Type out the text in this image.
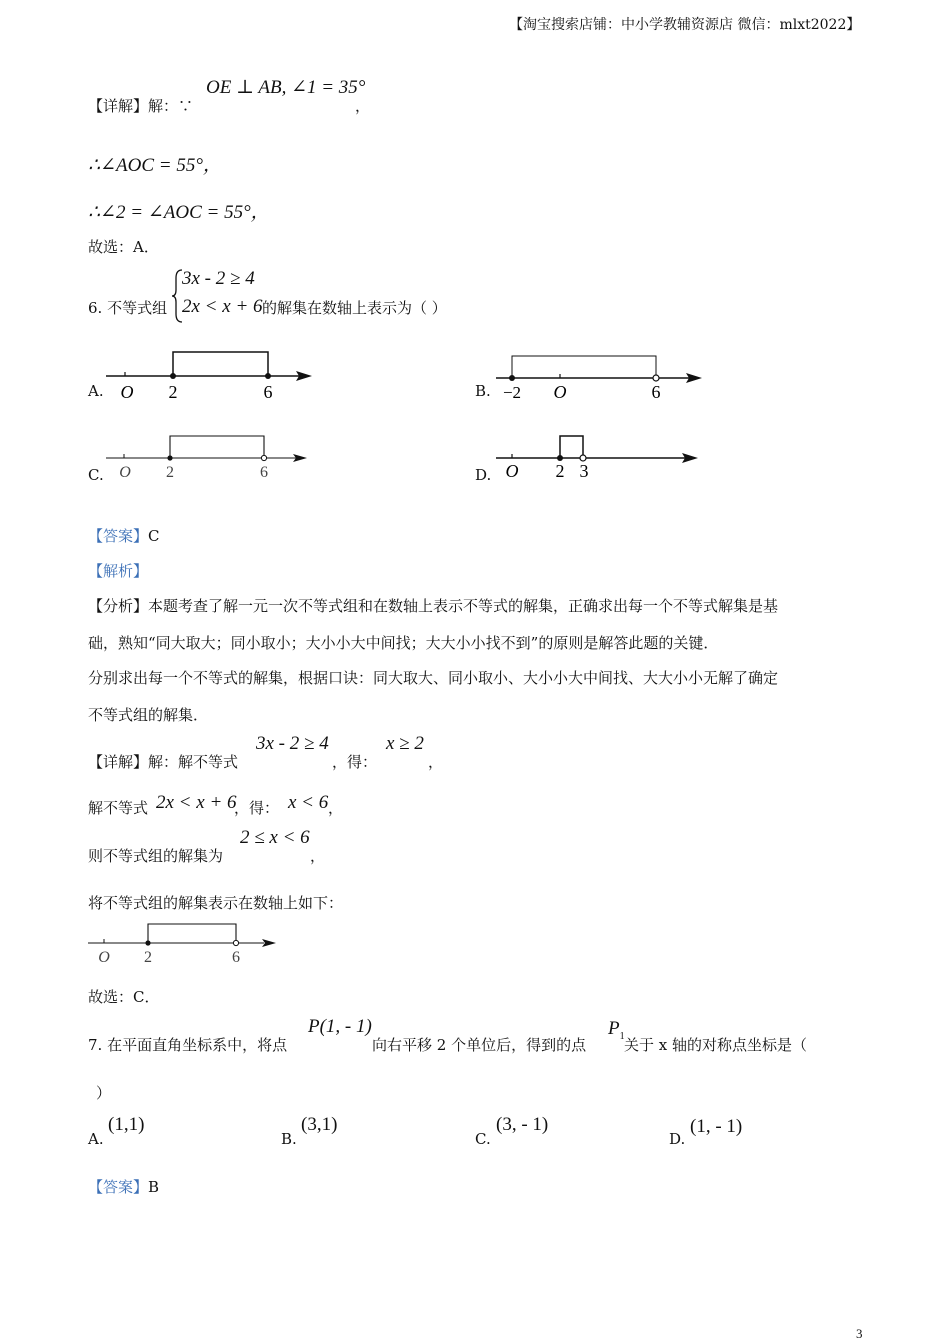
【淘宝搜索店铺：中小学教辅资源店 微信：mlxt2022】
【详解】解：∵
OE ⊥ AB, ∠1 = 35°
，
∴∠AOC = 55°，
∴∠2 = ∠AOC = 55°，
故选：A．
6. 不等式组
3x - 2 ≥ 4
2x < x + 6 的解集在数轴上表示为（ ）
A. O 2	6	B. −2 O	6
C. O 2	6	D. O 2 3
【答案】C
【解析】
【分析】本题考查了解一元一次不等式组和在数轴上表示不等式的解集，正确求出每一个不等式解集是基
础，熟知“同大取大；同小取小；大小小大中间找；大大小小找不到”的原则是解答此题的关键．
分别求出每一个不等式的解集，根据口诀：同大取大、同小取小、大小小大中间找、大大小小无解了确定
不等式组的解集．
【详解】解：解不等式
3x - 2 ≥ 4
，得：
x ≥ 2
，
解不等式 2x < x + 6
，得： x < 6 ，
则不等式组的解集为
2 ≤ x < 6
，
将不等式组的解集表示在数轴上如下：
O 2	6
故选：C．
7. 在平面直角坐标系中，将点
P(1, - 1)
向右平移 2 个单位后，得到的点
$P_1$ 关于 x 轴的对称点坐标是（
）
A.
(1,1)
B.
(3,1)
C.
(3, - 1)
D.
(1, - 1)
【答案】B
3
